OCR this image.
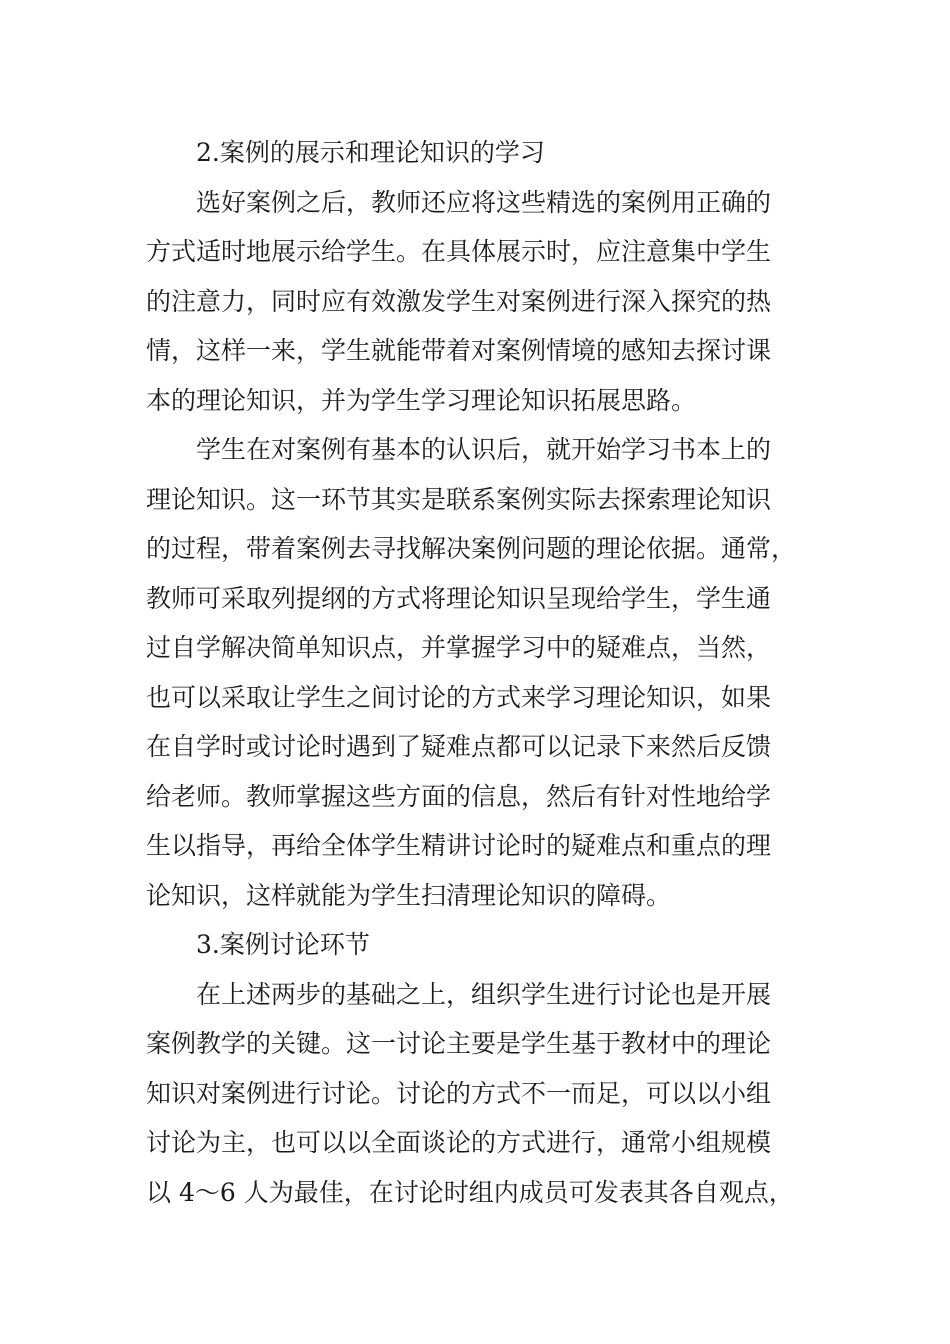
2.案例的展示和理论知识的学习

选好案例之后，教师还应将这些精选的案例用正确的
方式适时地展示给学生。在具体展示时，应注意集中学生
的注意力，同时应有效激发学生对案例进行深入探究的热
情，这样一来，学生就能带着对案例情境的感知去探讨课
本的理论知识，并为学生学习理论知识拓展思路。
学生在对案例有基本的认识后，就开始学习书本上的
理论知识。这一环节其实是联系案例实际去探索理论知识
的过程，带着案例去寻找解决案例问题的理论依据。通常，
教师可采取列提纲的方式将理论知识呈现给学生，学生通
过自学解决简单知识点，并掌握学习中的疑难点，当然，
也可以采取让学生之间讨论的方式来学习理论知识，如果
在自学时或讨论时遇到了疑难点都可以记录下来然后反馈
给老师。教师掌握这些方面的信息，然后有针对性地给学
生以指导，再给全体学生精讲讨论时的疑难点和重点的理
论知识，这样就能为学生扫清理论知识的障碍。

3.案例讨论环节

在上述两步的基础之上，组织学生进行讨论也是开展
案例教学的关键。这一讨论主要是学生基于教材中的理论
知识对案例进行讨论。讨论的方式不一而足，可以以小组
讨论为主，也可以以全面谈论的方式进行，通常小组规模
以 4～6 人为最佳，在讨论时组内成员可发表其各自观点，
